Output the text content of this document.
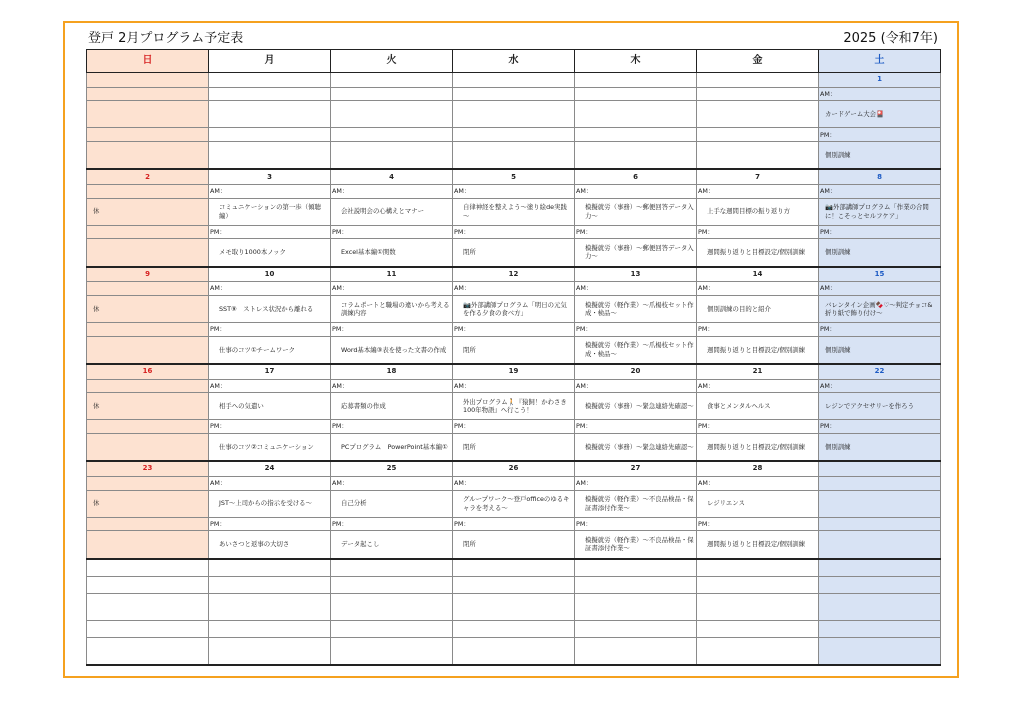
登戸 2月プログラム予定表	2025 (令和7年)
日	月	火	水	木	金	土
						1
						AM：
						カードゲーム大会🎴
						PM：
						個別訓練
2	3	4	5	6	7	8
	AM：	AM：	AM：	AM：	AM：	AM：
休	コミュニケーションの第一歩（傾聴編）	会社説明会の心構えとマナー	自律神経を整えよう～塗り絵de実践～	模擬就労（事務）～郵便回答データ入力～	上手な週間目標の振り返り方	📷外部講師プログラム「作業の合間に！こそっとセルフケア」
	PM：	PM：	PM：	PM：	PM：	PM：
	メモ取り1000本ノック	Excel基本編①関数	閉所	模擬就労（事務）～郵便回答データ入力～	週間振り返りと目標設定/個別訓練	個別訓練
9	10	11	12	13	14	15
	AM：	AM：	AM：	AM：	AM：	AM：
休	SST⑨　ストレス状況から離れる	コラムポートと職場の違いから考える訓練内容	📷外部講師プログラム「明日の元気を作る夕食の食べ方」	模擬就労（軽作業）～爪楊枝セット作成・検品～	個別訓練の目的と紹介	バレンタイン企画🍫♡～判定チョコ&折り紙で飾り付け～
	PM：	PM：	PM：	PM：	PM：	PM：
	仕事のコツ①チームワーク	Word基本編③表を使った文書の作成	閉所	模擬就労（軽作業）～爪楊枝セット作成・検品～	週間振り返りと目標設定/個別訓練	個別訓練
16	17	18	19	20	21	22
	AM：	AM：	AM：	AM：	AM：	AM：
休	相手への気遣い	応募書類の作成	外出プログラム🚶『猿飼！かわさき100年物語』へ行こう！	模擬就労（事務）～緊急連絡先確認～	食事とメンタルヘルス	レジンでアクセサリーを作ろう
	PM：	PM：	PM：	PM：	PM：	PM：
	仕事のコツ②コミュニケーション	PCプログラム　PowerPoint基本編①	閉所	模擬就労（事務）～緊急連絡先確認～	週間振り返りと目標設定/個別訓練	個別訓練
23	24	25	26	27	28	
	AM：	AM：	AM：	AM：	AM：	
休	JST～上司からの指示を受ける～	自己分析	グループワーク～登戸officeのゆるキャラを考える～	模擬就労（軽作業）～不良品検品・保証書添付作業～	レジリエンス	
	PM：	PM：	PM：	PM：	PM：	
	あいさつと返事の大切さ	データ起こし	閉所	模擬就労（軽作業）～不良品検品・保証書添付作業～	週間振り返りと目標設定/個別訓練	
